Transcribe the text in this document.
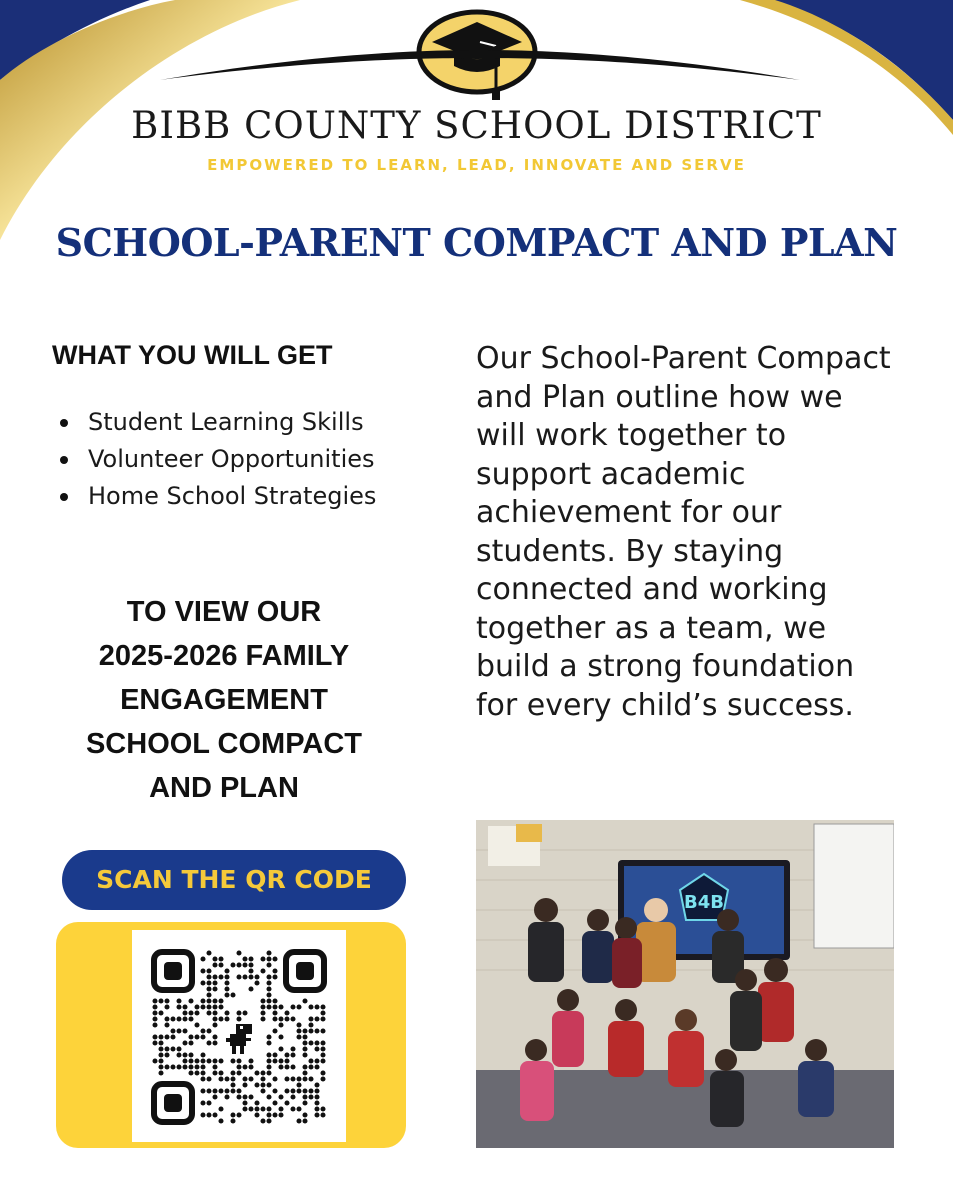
BIBB COUNTY SCHOOL DISTRICT
EMPOWERED TO LEARN, LEAD, INNOVATE AND SERVE
SCHOOL-PARENT COMPACT AND PLAN
WHAT YOU WILL GET
Student Learning Skills
Volunteer Opportunities
Home School Strategies
TO VIEW OUR
2025-2026 FAMILY
ENGAGEMENT
SCHOOL COMPACT
AND PLAN
SCAN THE QR CODE

Our School-Parent Compact and Plan outline how we will work together to support academic achievement for our students. By staying connected and working together as a team, we build a strong foundation for every child’s success.

B4B
